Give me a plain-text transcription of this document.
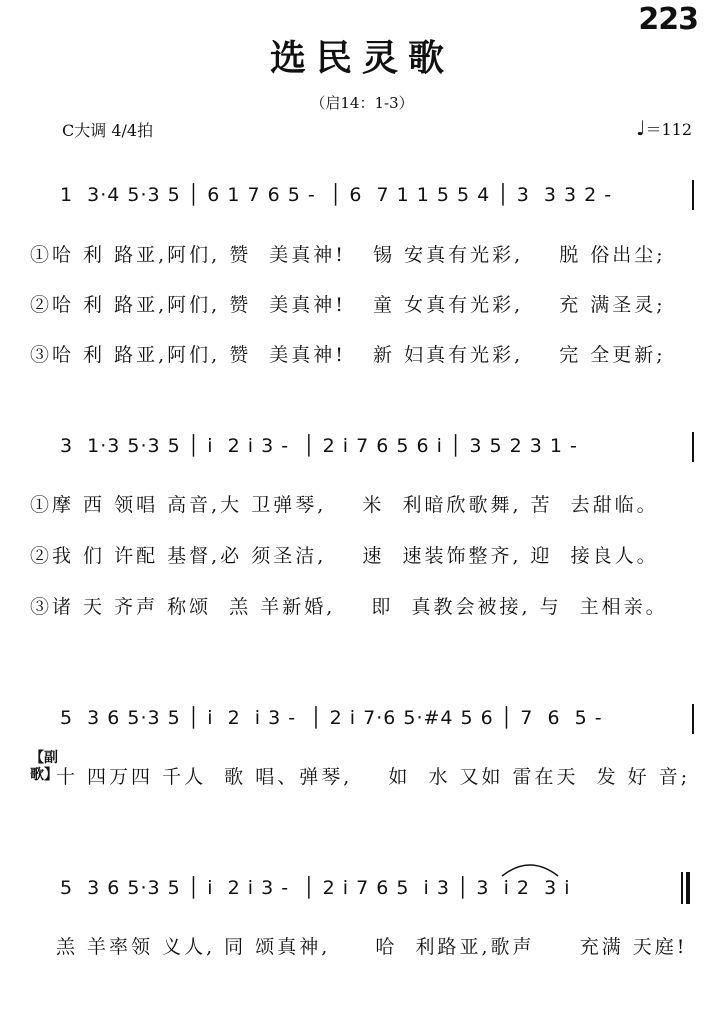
223
选民灵歌
（启14：1-3）
C大调 4/4拍	♩＝112
1  3·4 5·3 5 │ 6 1 7 6 5 -  │ 6  7 1 1 5 5 4 │ 3  3 3 2 -
①哈 利 路亚,阿们, 赞  美真神!   锡 安真有光彩,    脱 俗出尘;
②哈 利 路亚,阿们, 赞  美真神!   童 女真有光彩,    充 满圣灵;
③哈 利 路亚,阿们, 赞  美真神!   新 妇真有光彩,    完 全更新;
3  1·3 5·3 5 │ i  2 i 3 -  │ 2 i 7 6 5 6 i │ 3 5 2 3 1 -
①摩 西 领唱 高音,大 卫弹琴,    米  利暗欣歌舞, 苦  去甜临。
②我 们 许配 基督,必 须圣洁,    速  速装饰整齐, 迎  接良人。
③诸 天 齐声 称颂  羔 羊新婚,    即  真教会被接, 与  主相亲。
5  3 6 5·3 5 │ i  2  i 3 -  │ 2 i 7·6 5·#4 5 6 │ 7  6  5 -
【副歌】
十 四万四 千人  歌 唱、弹琴,    如  水 又如 雷在天  发 好 音;
5  3 6 5·3 5 │ i  2 i 3 -  │ 2 i 7 6 5  i 3 │ 3  i 2  3 i
羔 羊率领 义人, 同 颂真神,     哈  利路亚,歌声     充满 天庭!
